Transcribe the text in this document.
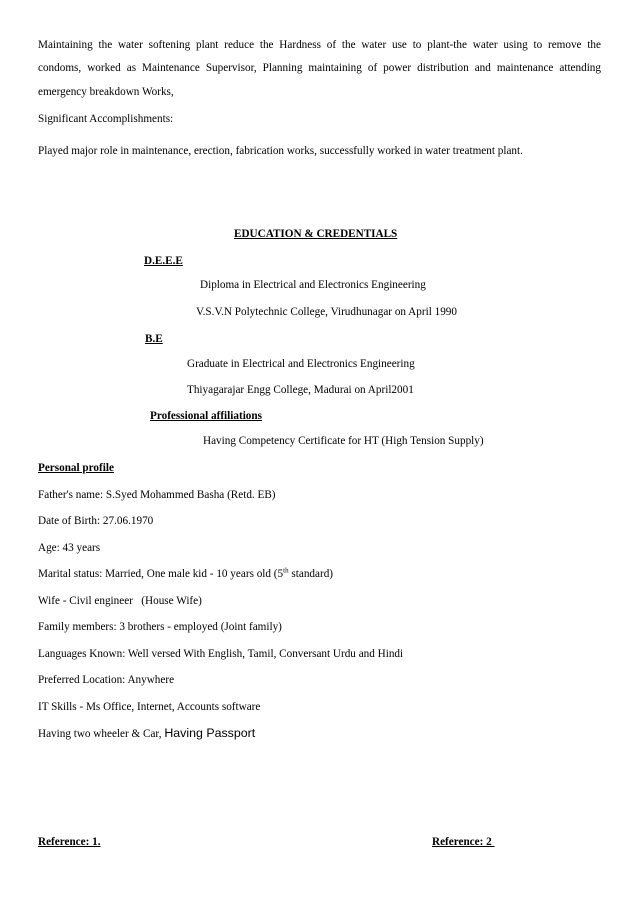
Maintaining the water softening plant reduce the Hardness of the water use to plant-the water using to remove the
condoms, worked as Maintenance Supervisor, Planning maintaining of power distribution and maintenance attending
emergency breakdown Works,
Significant Accomplishments:
Played major role in maintenance, erection, fabrication works, successfully worked in water treatment plant.
EDUCATION & CREDENTIALS
D.E.E.E
Diploma in Electrical and Electronics Engineering
V.S.V.N Polytechnic College, Virudhunagar on April 1990
B.E
Graduate in Electrical and Electronics Engineering
Thiyagarajar Engg College, Madurai on April2001
Professional affiliations
Having Competency Certificate for HT (High Tension Supply)
Personal profile
Father's name: S.Syed Mohammed Basha (Retd. EB)
Date of Birth: 27.06.1970
Age: 43 years
Marital status: Married, One male kid - 10 years old (5th standard)
Wife - Civil engineer   (House Wife)
Family members: 3 brothers - employed (Joint family)
Languages Known: Well versed With English, Tamil, Conversant Urdu and Hindi
Preferred Location: Anywhere
IT Skills - Ms Office, Internet, Accounts software
Having two wheeler & Car, Having Passport
Reference: 1.	Reference: 2
